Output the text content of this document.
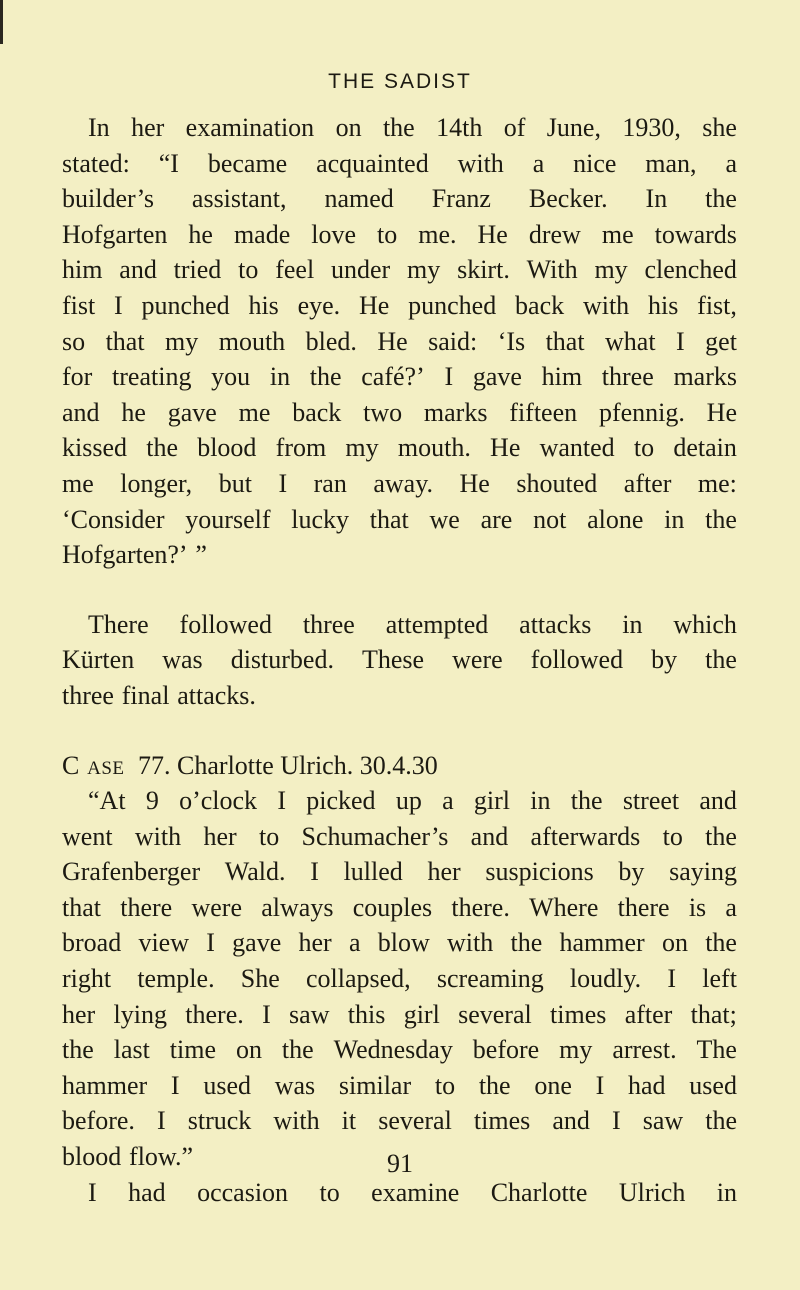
THE SADIST
In her examination on the 14th of June, 1930, she
stated: “I became acquainted with a nice man, a
builder’s assistant, named Franz Becker. In the
Hofgarten he made love to me. He drew me towards
him and tried to feel under my skirt. With my clenched
fist I punched his eye. He punched back with his fist,
so that my mouth bled. He said: ‘Is that what I get
for treating you in the café?’ I gave him three marks
and he gave me back two marks fifteen pfennig. He
kissed the blood from my mouth. He wanted to detain
me longer, but I ran away. He shouted after me:
‘Consider yourself lucky that we are not alone in the
Hofgarten?’ ”
There followed three attempted attacks in which
Kürten was disturbed. These were followed by the
three final attacks.
C ASE 77. Charlotte Ulrich. 30.4.30
“At 9 o’clock I picked up a girl in the street and
went with her to Schumacher’s and afterwards to the
Grafenberger Wald. I lulled her suspicions by saying
that there were always couples there. Where there is a
broad view I gave her a blow with the hammer on the
right temple. She collapsed, screaming loudly. I left
her lying there. I saw this girl several times after that;
the last time on the Wednesday before my arrest. The
hammer I used was similar to the one I had used
before. I struck with it several times and I saw the
blood flow.”
I had occasion to examine Charlotte Ulrich in
91
